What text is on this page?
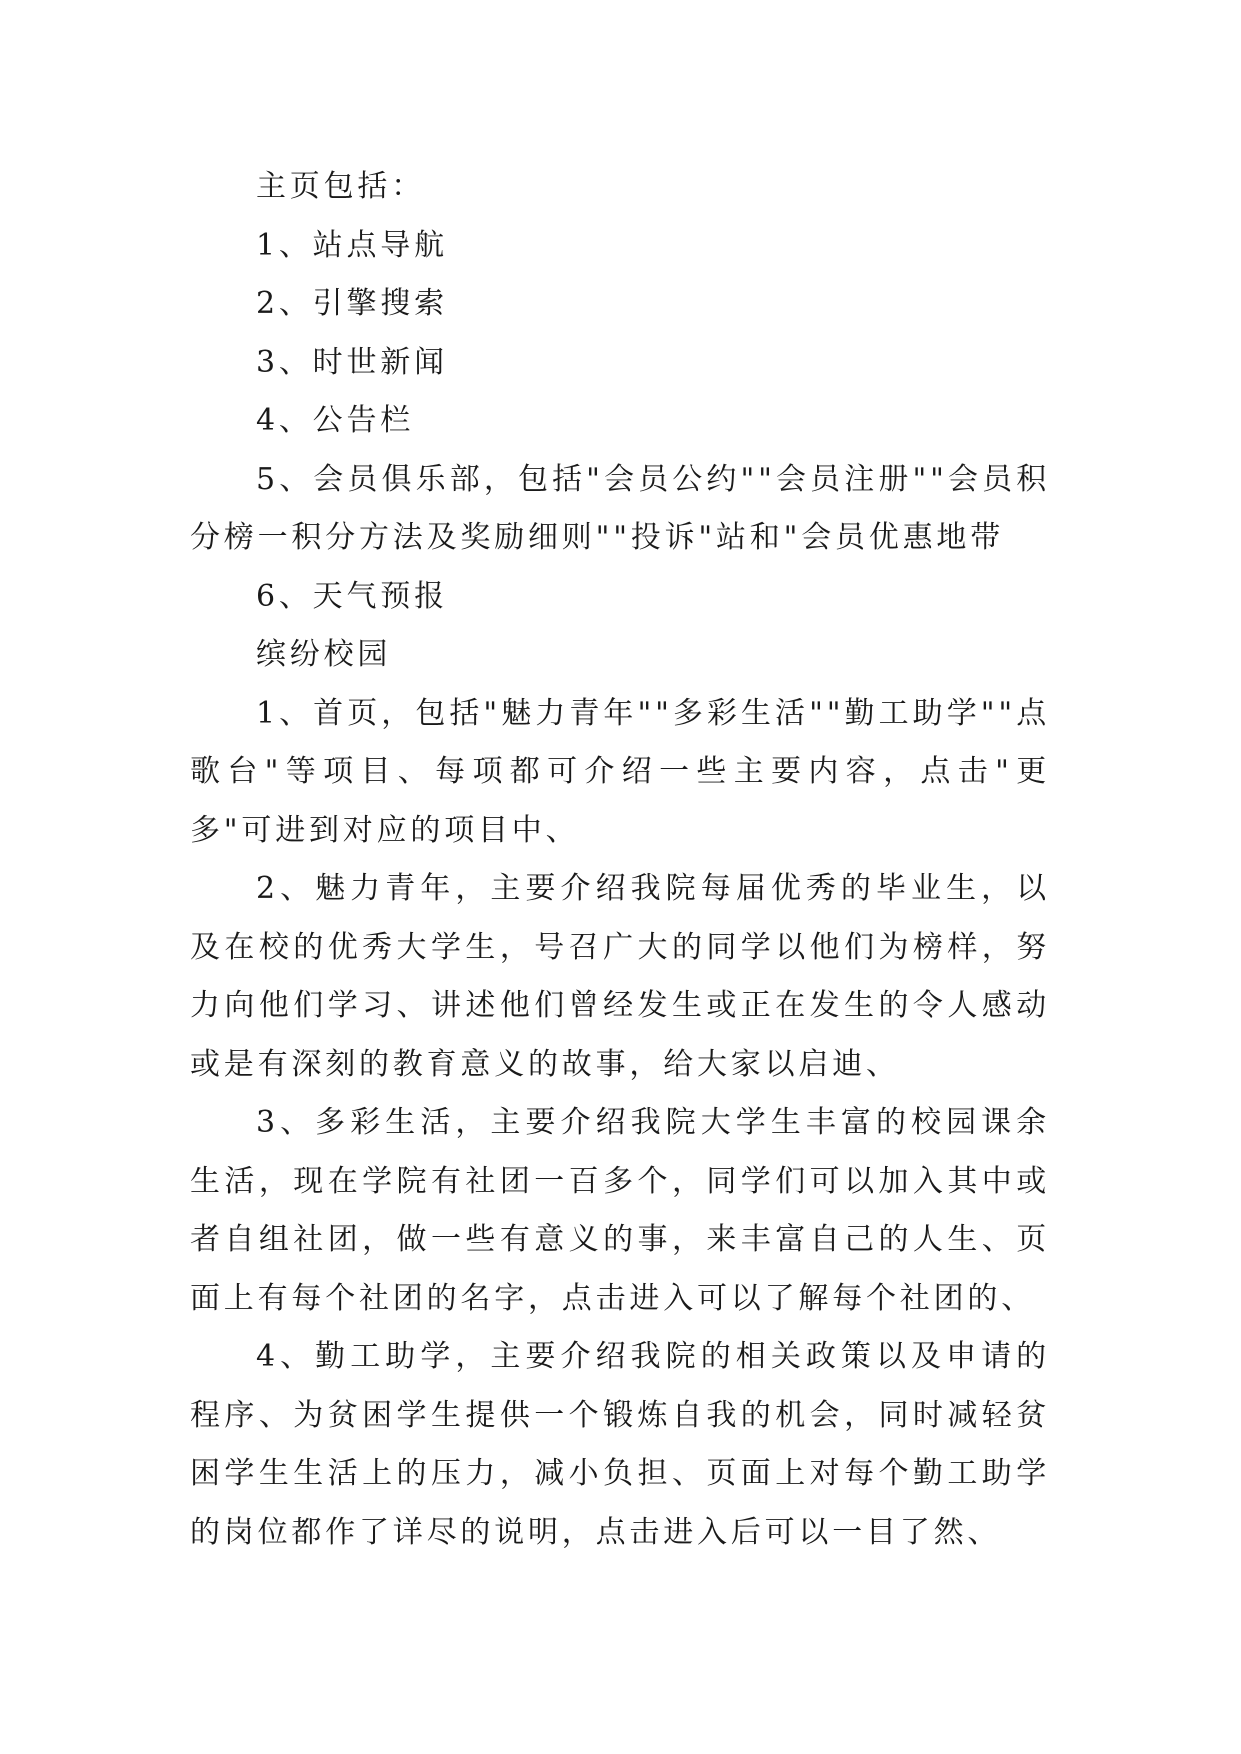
主页包括：

1、站点导航

2、引擎搜索

3、时世新闻

4、公告栏

5、会员俱乐部，包括"会员公约""会员注册""会员积分榜一积分方法及奖励细则""投诉"站和"会员优惠地带

6、天气预报

缤纷校园

1、首页，包括"魅力青年""多彩生活""勤工助学""点歌台"等项目、每项都可介绍一些主要内容，点击"更多"可进到对应的项目中、

2、魅力青年，主要介绍我院每届优秀的毕业生，以及在校的优秀大学生，号召广大的同学以他们为榜样，努力向他们学习、讲述他们曾经发生或正在发生的令人感动或是有深刻的教育意义的故事，给大家以启迪、

3、多彩生活，主要介绍我院大学生丰富的校园课余生活，现在学院有社团一百多个，同学们可以加入其中或者自组社团，做一些有意义的事，来丰富自己的人生、页面上有每个社团的名字，点击进入可以了解每个社团的、

4、勤工助学，主要介绍我院的相关政策以及申请的程序、为贫困学生提供一个锻炼自我的机会，同时减轻贫困学生生活上的压力，减小负担、页面上对每个勤工助学的岗位都作了详尽的说明，点击进入后可以一目了然、
